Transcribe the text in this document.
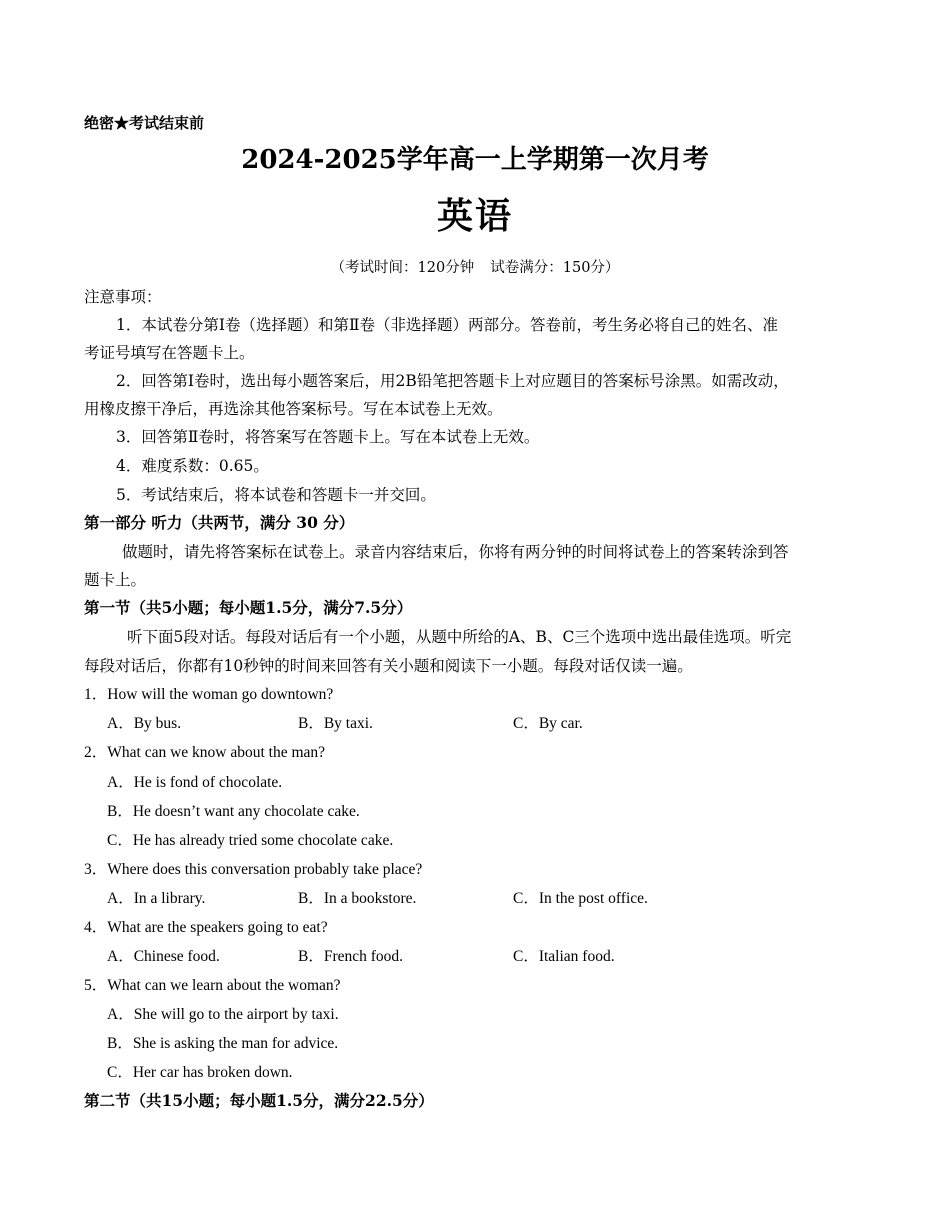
绝密★考试结束前
2024-2025学年高一上学期第一次月考
英语
（考试时间：120分钟 试卷满分：150分）
注意事项：
1．本试卷分第Ⅰ卷（选择题）和第Ⅱ卷（非选择题）两部分。答卷前，考生务必将自己的姓名、准
考证号填写在答题卡上。
2．回答第Ⅰ卷时，选出每小题答案后，用2B铅笔把答题卡上对应题目的答案标号涂黑。如需改动，
用橡皮擦干净后，再选涂其他答案标号。写在本试卷上无效。
3．回答第Ⅱ卷时，将答案写在答题卡上。写在本试卷上无效。
4．难度系数：0.65。
5．考试结束后，将本试卷和答题卡一并交回。
第一部分 听力（共两节，满分 30 分）
做题时，请先将答案标在试卷上。录音内容结束后，你将有两分钟的时间将试卷上的答案转涂到答
题卡上。
第一节（共5小题；每小题1.5分，满分7.5分）
听下面5段对话。每段对话后有一个小题，从题中所给的A、B、C三个选项中选出最佳选项。听完
每段对话后，你都有10秒钟的时间来回答有关小题和阅读下一小题。每段对话仅读一遍。
1．How will the woman go downtown?
A．By bus.	B．By taxi.	C．By car.
2．What can we know about the man?
A．He is fond of chocolate.
B．He doesn’t want any chocolate cake.
C．He has already tried some chocolate cake.
3．Where does this conversation probably take place?
A．In a library.	B．In a bookstore.	C．In the post office.
4．What are the speakers going to eat?
A．Chinese food.	B．French food.	C．Italian food.
5．What can we learn about the woman?
A．She will go to the airport by taxi.
B．She is asking the man for advice.
C．Her car has broken down.
第二节（共15小题；每小题1.5分，满分22.5分）
